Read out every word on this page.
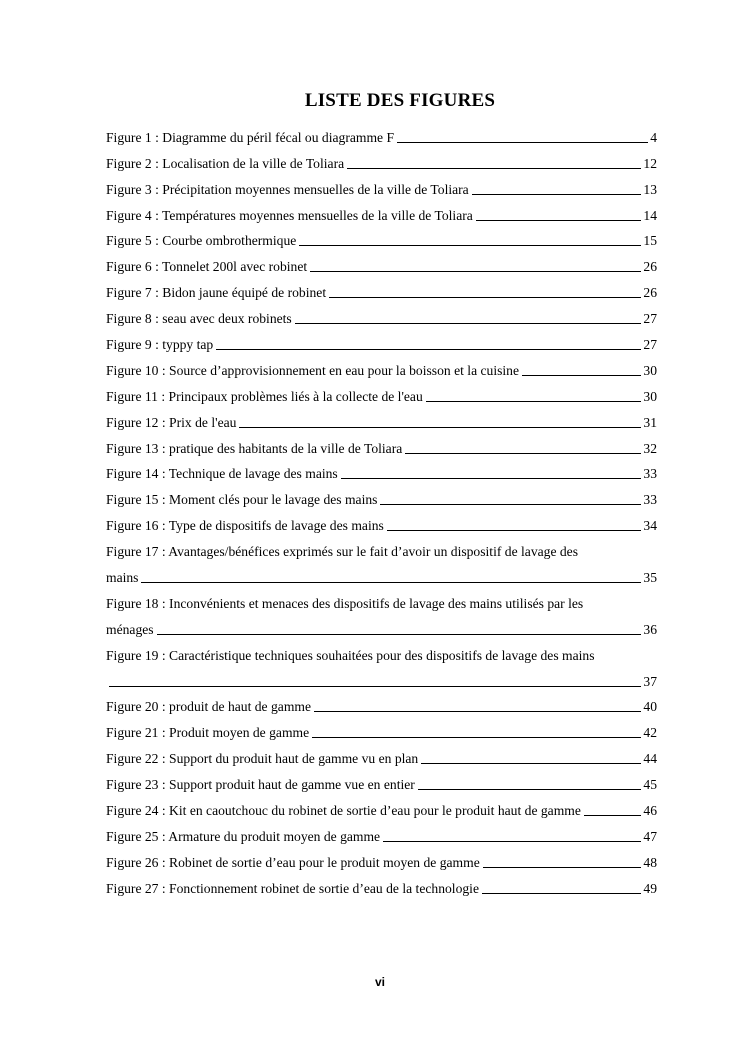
LISTE DES FIGURES
Figure 1 : Diagramme du péril fécal ou diagramme F	4
Figure 2 : Localisation de la ville de Toliara	12
Figure 3 : Précipitation moyennes mensuelles de la ville de Toliara	13
Figure 4 : Températures moyennes mensuelles de la ville de Toliara	14
Figure 5 : Courbe ombrothermique	15
Figure 6 : Tonnelet 200l avec robinet	26
Figure 7 : Bidon jaune équipé de robinet	26
Figure 8 : seau avec deux robinets	27
Figure 9 : typpy tap	27
Figure 10 : Source d’approvisionnement en eau pour la boisson et la cuisine	30
Figure 11 : Principaux problèmes liés à la collecte de l'eau	30
Figure 12 : Prix de l'eau	31
Figure 13 : pratique des habitants de la ville de Toliara	32
Figure 14 : Technique de lavage des mains	33
Figure 15 : Moment clés pour le lavage des mains	33
Figure 16 : Type de dispositifs de lavage des mains	34
Figure 17 : Avantages/bénéfices exprimés sur le fait d’avoir un dispositif de lavage des
mains	35
Figure 18 : Inconvénients et menaces des dispositifs de lavage des mains utilisés par les
ménages	36
Figure 19 : Caractéristique techniques souhaitées pour des dispositifs de lavage des mains
37
Figure 20 : produit de haut de gamme	40
Figure 21 : Produit moyen de gamme	42
Figure 22 : Support du produit haut de gamme vu en plan	44
Figure 23 : Support produit haut de gamme vue en entier	45
Figure 24 : Kit en caoutchouc du robinet de sortie d’eau pour le produit haut de gamme	46
Figure 25 : Armature du produit moyen de gamme	47
Figure 26 : Robinet de sortie d’eau pour le produit moyen de gamme	48
Figure 27 : Fonctionnement robinet de sortie d’eau de la technologie	49
vi
